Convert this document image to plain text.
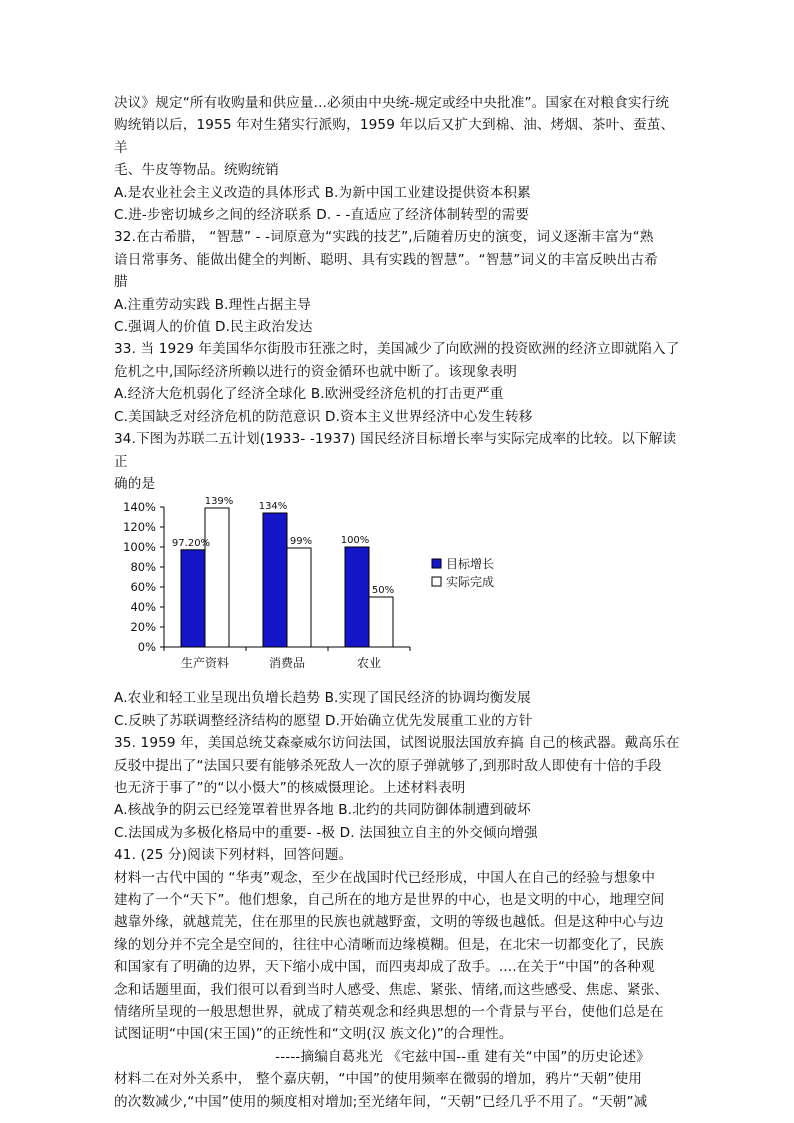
决议》规定“所有收购量和供应量...必须由中央统-规定或经中央批准”。国家在对粮食实行统

购统销以后，1955 年对生猪实行派购，1959 年以后又扩大到棉、油、烤烟、茶叶、蚕茧、羊

毛、牛皮等物品。统购统销

A.是农业社会主义改造的具体形式 B.为新中国工业建设提供资本积累

C.进-步密切城乡之间的经济联系 D. - -直适应了经济体制转型的需要

32.在古希腊， “智慧” - -词原意为“实践的技艺”,后随着历史的演变，词义逐渐丰富为“熟

谙日常事务、能做出健全的判断、聪明、具有实践的智慧”。“智慧”词义的丰富反映出古希

腊

A.注重劳动实践 B.理性占据主导

C.强调人的价值 D.民主政治发达

33. 当 1929 年美国华尔街股市狂涨之时，美国减少了向欧洲的投资欧洲的经济立即就陷入了

危机之中,国际经济所赖以进行的资金循环也就中断了。该现象表明

A.经济大危机弱化了经济全球化 B.欧洲受经济危机的打击更严重

C.美国缺乏对经济危机的防范意识 D.资本主义世界经济中心发生转移

34.下图为苏联二五计划(1933- -1937) 国民经济目标增长率与实际完成率的比较。以下解读正

确的是

0%
20%
40%
60%
80%
100%
120%
140%
97.20%
139%
生产资料
134%
99%
消费品
100%
50%
农业
目标增长
实际完成

A.农业和轻工业呈现出负增长趋势 B.实现了国民经济的协调均衡发展

C.反映了苏联调整经济结构的愿望 D.开始确立优先发展重工业的方针

35. 1959 年，美国总统艾森豪威尔访问法国，试图说服法国放弃搞 自己的核武器。戴高乐在

反驳中提出了“法国只要有能够杀死敌人一次的原子弹就够了,到那时敌人即使有十倍的手段

也无济于事了”的“以小慑大”的核威慑理论。上述材料表明

A.核战争的阴云已经笼罩着世界各地 B.北约的共同防御体制遭到破坏

C.法国成为多极化格局中的重要- -极 D. 法国独立自主的外交倾向增强

41. (25 分)阅读下列材料，回答问题。

材料一古代中国的 “华夷”观念，至少在战国时代已经形成，中国人在自己的经验与想象中

建构了一个“天下”。他们想象，自己所在的地方是世界的中心，也是文明的中心，地理空间

越靠外缘，就越荒芜，住在那里的民族也就越野蛮，文明的等级也越低。但是这种中心与边

缘的划分并不完全是空间的，往往中心清晰而边缘模糊。但是，在北宋一切都变化了，民族

和国家有了明确的边界，天下缩小成中国，而四夷却成了敌手。....在关于“中国”的各种观

念和话题里面，我们很可以看到当时人感受、焦虑、紧张、情绪,而这些感受、焦虑、紧张、

情绪所呈现的一般思想世界，就成了精英观念和经典思想的一个背景与平台，使他们总是在

试图证明“中国(宋王国)”的正统性和“文明(汉 族文化)”的合理性。

-----摘编自葛兆光 《宅兹中国--重 建有关“中国”的历史论述》

材料二在对外关系中， 整个嘉庆朝，“中国”的使用频率在微弱的增加，鸦片“天朝”使用

的次数减少,“中国”使用的频度相对增加;至光绪年间，“天朝”已经几乎不用了。“天朝”减
